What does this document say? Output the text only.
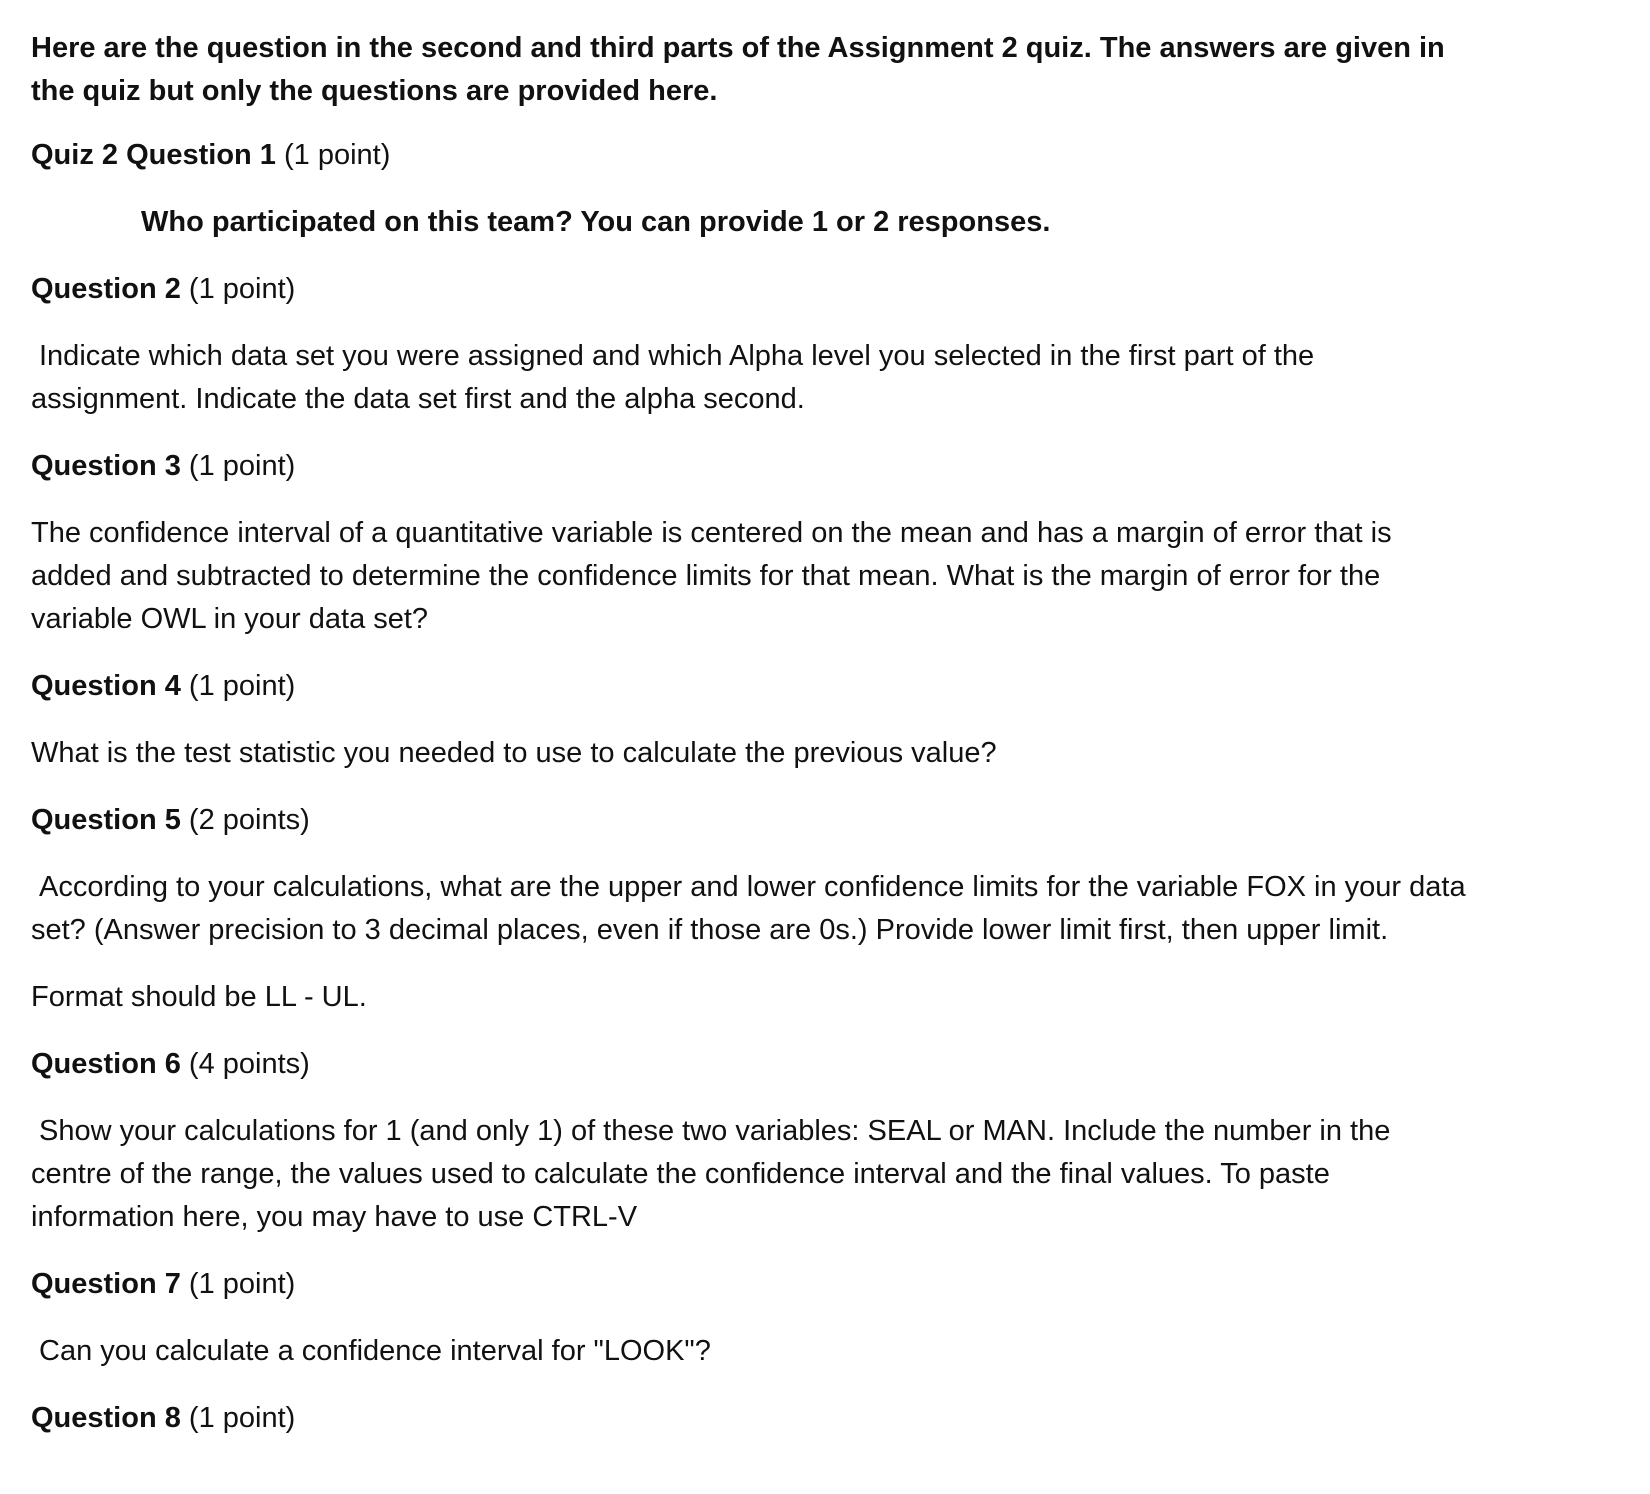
Here are the question in the second and third parts of the Assignment 2 quiz. The answers are given in the quiz but only the questions are provided here.

Quiz 2 Question 1 (1 point)

Who participated on this team? You can provide 1 or 2 responses.

Question 2 (1 point)

Indicate which data set you were assigned and which Alpha level you selected in the first part of the assignment. Indicate the data set first and the alpha second.

Question 3 (1 point)

The confidence interval of a quantitative variable is centered on the mean and has a margin of error that is added and subtracted to determine the confidence limits for that mean. What is the margin of error for the variable OWL in your data set?

Question 4 (1 point)

What is the test statistic you needed to use to calculate the previous value?

Question 5 (2 points)

According to your calculations, what are the upper and lower confidence limits for the variable FOX in your data set? (Answer precision to 3 decimal places, even if those are 0s.) Provide lower limit first, then upper limit.

Format should be LL - UL.

Question 6 (4 points)

Show your calculations for 1 (and only 1) of these two variables: SEAL or MAN. Include the number in the centre of the range, the values used to calculate the confidence interval and the final values. To paste information here, you may have to use CTRL-V

Question 7 (1 point)

Can you calculate a confidence interval for "LOOK"?

Question 8 (1 point)
